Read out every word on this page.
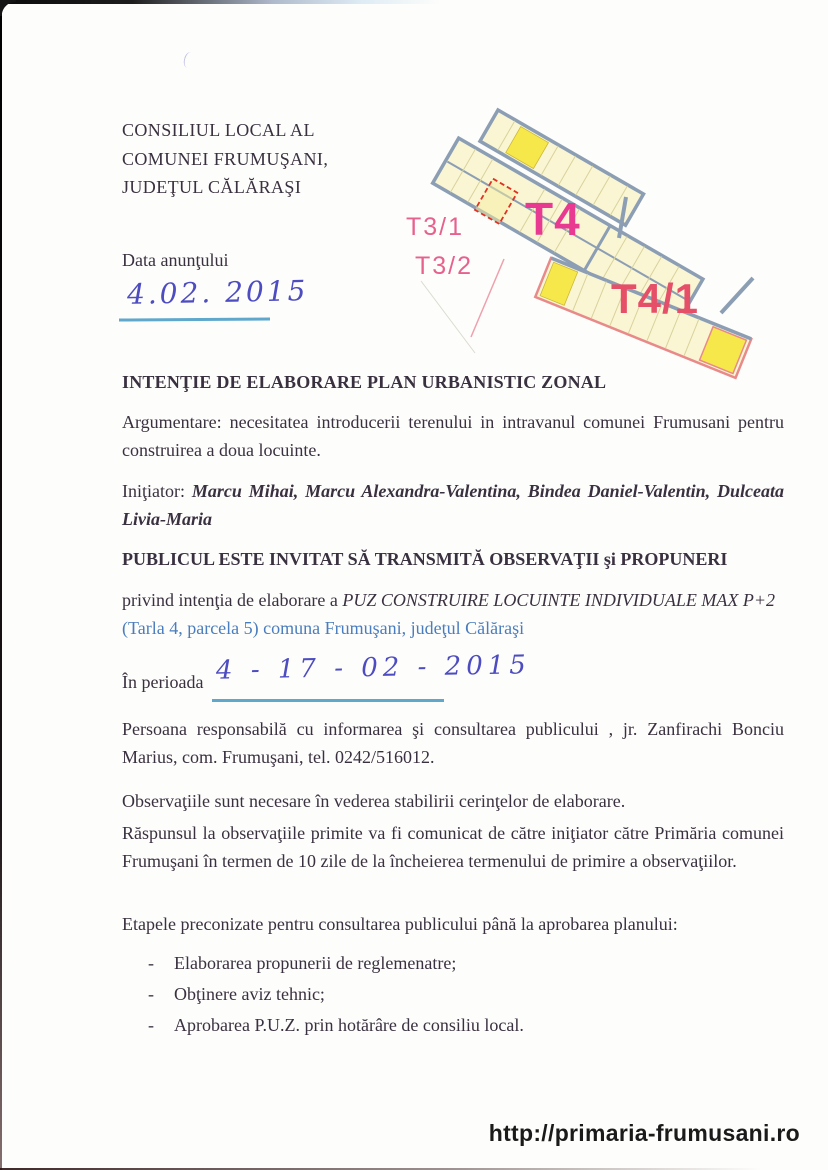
CONSILIUL LOCAL AL
COMUNEI FRUMUŞANI,
JUDEŢUL CĂLĂRAŞI
Data anunţului
4.02. 2015
T3/1
T3/2
T4
T4/1
INTENŢIE DE ELABORARE PLAN URBANISTIC ZONAL
Argumentare: necesitatea introducerii terenului in intravanul comunei Frumusani pentru construirea a doua locuinte.
Iniţiator: Marcu Mihai, Marcu Alexandra-Valentina, Bindea Daniel-Valentin, Dulceata Livia-Maria
PUBLICUL ESTE INVITAT SĂ TRANSMITĂ OBSERVAŢII şi PROPUNERI
privind intenţia de elaborare a PUZ CONSTRUIRE LOCUINTE INDIVIDUALE MAX P+2 (Tarla 4, parcela 5) comuna Frumuşani, judeţul Călăraşi
În perioada 4 - 17 - 02 - 2015
Persoana responsabilă cu informarea şi consultarea publicului , jr. Zanfirachi Bonciu Marius, com. Frumuşani, tel. 0242/516012.
Observaţiile sunt necesare în vederea stabilirii cerinţelor de elaborare.
Răspunsul la observaţiile primite va fi comunicat de către iniţiator către Primăria comunei Frumuşani în termen de 10 zile de la încheierea termenului de primire a observaţiilor.
Etapele preconizate pentru consultarea publicului până la aprobarea planului:
-	Elaborarea propunerii de reglemenatre;
-	Obţinere aviz tehnic;
-	Aprobarea P.U.Z. prin hotărâre de consiliu local.
http://primaria-frumusani.ro
